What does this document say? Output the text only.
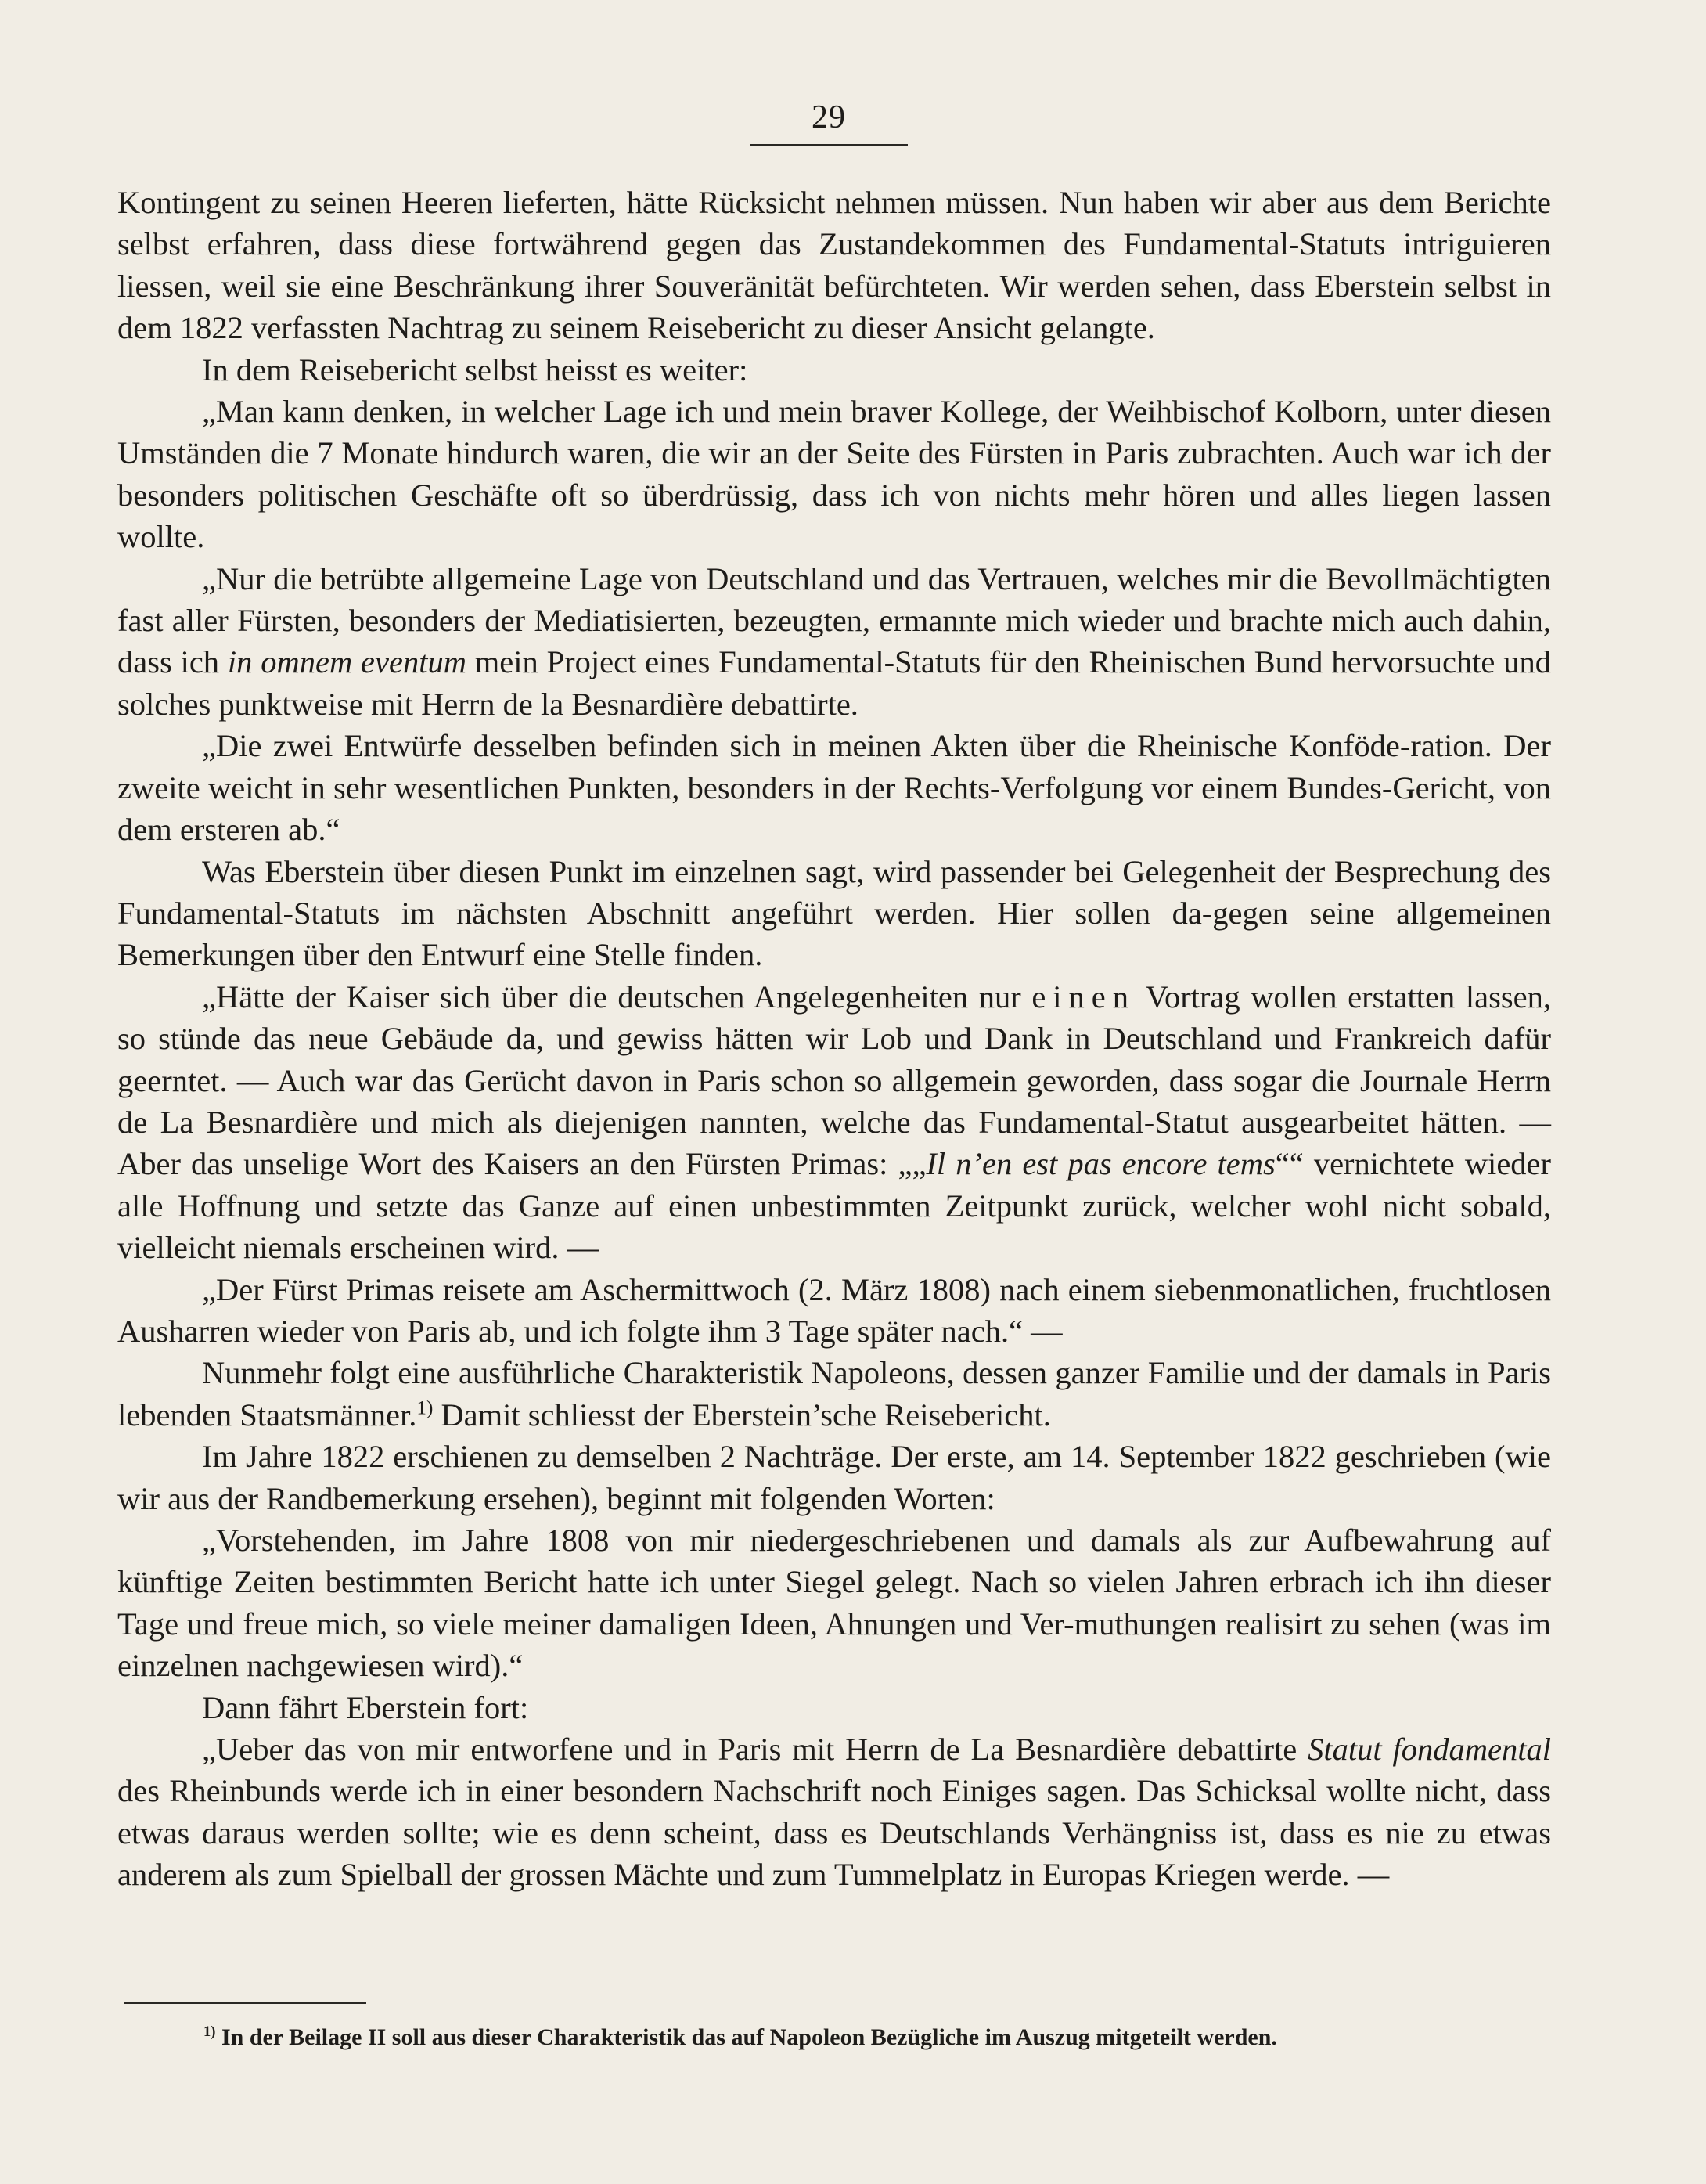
29

Kontingent zu seinen Heeren lieferten, hätte Rücksicht nehmen müssen. Nun haben wir aber aus dem Berichte selbst erfahren, dass diese fortwährend gegen das Zustandekommen des Fundamental-Statuts intriguieren liessen, weil sie eine Beschränkung ihrer Souveränität befürchteten. Wir werden sehen, dass Eberstein selbst in dem 1822 verfassten Nachtrag zu seinem Reisebericht zu dieser Ansicht gelangte.

In dem Reisebericht selbst heisst es weiter:

„Man kann denken, in welcher Lage ich und mein braver Kollege, der Weihbischof Kolborn, unter diesen Umständen die 7 Monate hindurch waren, die wir an der Seite des Fürsten in Paris zubrachten. Auch war ich der besonders politischen Geschäfte oft so überdrüssig, dass ich von nichts mehr hören und alles liegen lassen wollte.

„Nur die betrübte allgemeine Lage von Deutschland und das Vertrauen, welches mir die Bevollmächtigten fast aller Fürsten, besonders der Mediatisierten, bezeugten, ermannte mich wieder und brachte mich auch dahin, dass ich in omnem eventum mein Project eines Fundamental-Statuts für den Rheinischen Bund hervorsuchte und solches punktweise mit Herrn de la Besnardière debattirte.

„Die zwei Entwürfe desselben befinden sich in meinen Akten über die Rheinische Konföde-ration. Der zweite weicht in sehr wesentlichen Punkten, besonders in der Rechts-Verfolgung vor einem Bundes-Gericht, von dem ersteren ab.“

Was Eberstein über diesen Punkt im einzelnen sagt, wird passender bei Gelegenheit der Besprechung des Fundamental-Statuts im nächsten Abschnitt angeführt werden. Hier sollen da-gegen seine allgemeinen Bemerkungen über den Entwurf eine Stelle finden.

„Hätte der Kaiser sich über die deutschen Angelegenheiten nur einen Vortrag wollen erstatten lassen, so stünde das neue Gebäude da, und gewiss hätten wir Lob und Dank in Deutschland und Frankreich dafür geerntet. — Auch war das Gerücht davon in Paris schon so allgemein geworden, dass sogar die Journale Herrn de La Besnardière und mich als diejenigen nannten, welche das Fundamental-Statut ausgearbeitet hätten. — Aber das unselige Wort des Kaisers an den Fürsten Primas: „„Il n’en est pas encore tems““ vernichtete wieder alle Hoffnung und setzte das Ganze auf einen unbestimmten Zeitpunkt zurück, welcher wohl nicht sobald, vielleicht niemals erscheinen wird. —

„Der Fürst Primas reisete am Aschermittwoch (2. März 1808) nach einem siebenmonatlichen, fruchtlosen Ausharren wieder von Paris ab, und ich folgte ihm 3 Tage später nach.“ —

Nunmehr folgt eine ausführliche Charakteristik Napoleons, dessen ganzer Familie und der damals in Paris lebenden Staatsmänner.$^{1)}$ Damit schliesst der Eberstein’sche Reisebericht.

Im Jahre 1822 erschienen zu demselben 2 Nachträge. Der erste, am 14. September 1822 geschrieben (wie wir aus der Randbemerkung ersehen), beginnt mit folgenden Worten:

„Vorstehenden, im Jahre 1808 von mir niedergeschriebenen und damals als zur Aufbewahrung auf künftige Zeiten bestimmten Bericht hatte ich unter Siegel gelegt. Nach so vielen Jahren erbrach ich ihn dieser Tage und freue mich, so viele meiner damaligen Ideen, Ahnungen und Ver-muthungen realisirt zu sehen (was im einzelnen nachgewiesen wird).“

Dann fährt Eberstein fort:

„Ueber das von mir entworfene und in Paris mit Herrn de La Besnardière debattirte Statut fondamental des Rheinbunds werde ich in einer besondern Nachschrift noch Einiges sagen. Das Schicksal wollte nicht, dass etwas daraus werden sollte; wie es denn scheint, dass es Deutschlands Verhängniss ist, dass es nie zu etwas anderem als zum Spielball der grossen Mächte und zum Tummelplatz in Europas Kriegen werde. —

$^{1)}$ In der Beilage II soll aus dieser Charakteristik das auf Napoleon Bezügliche im Auszug mitgeteilt werden.
